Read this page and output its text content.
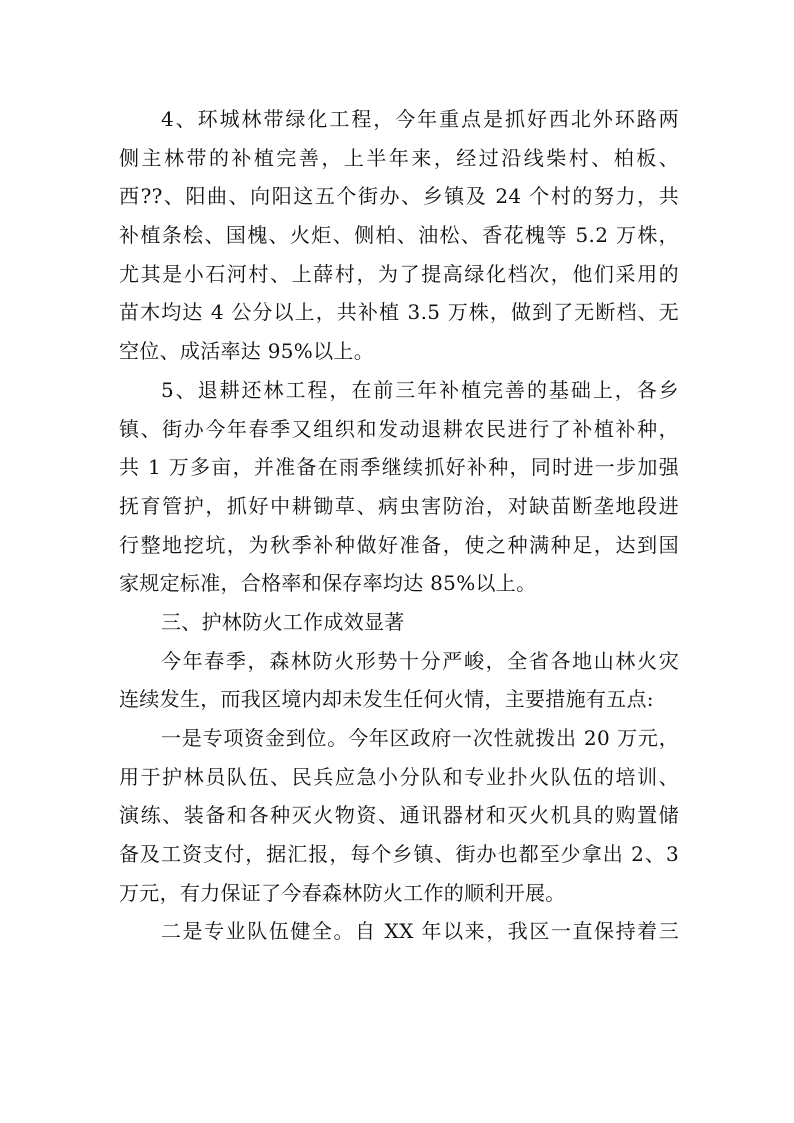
4、环城林带绿化工程，今年重点是抓好西北外环路两
侧主林带的补植完善，上半年来，经过沿线柴村、柏板、
西??、阳曲、向阳这五个街办、乡镇及 24 个村的努力，共
补植条桧、国槐、火炬、侧柏、油松、香花槐等 5.2 万株，
尤其是小石河村、上薛村，为了提高绿化档次，他们采用的
苗木均达 4 公分以上，共补植 3.5 万株，做到了无断档、无
空位、成活率达 95%以上。
5、退耕还林工程，在前三年补植完善的基础上，各乡
镇、街办今年春季又组织和发动退耕农民进行了补植补种，
共 1 万多亩，并准备在雨季继续抓好补种，同时进一步加强
抚育管护，抓好中耕锄草、病虫害防治，对缺苗断垄地段进
行整地挖坑，为秋季补种做好准备，使之种满种足，达到国
家规定标准，合格率和保存率均达 85%以上。
三、护林防火工作成效显著
今年春季，森林防火形势十分严峻，全省各地山林火灾
连续发生，而我区境内却未发生任何火情，主要措施有五点:
一是专项资金到位。今年区政府一次性就拨出 20 万元，
用于护林员队伍、民兵应急小分队和专业扑火队伍的培训、
演练、装备和各种灭火物资、通讯器材和灭火机具的购置储
备及工资支付，据汇报，每个乡镇、街办也都至少拿出 2、3
万元，有力保证了今春森林防火工作的顺利开展。
二是专业队伍健全。自 XX 年以来，我区一直保持着三
